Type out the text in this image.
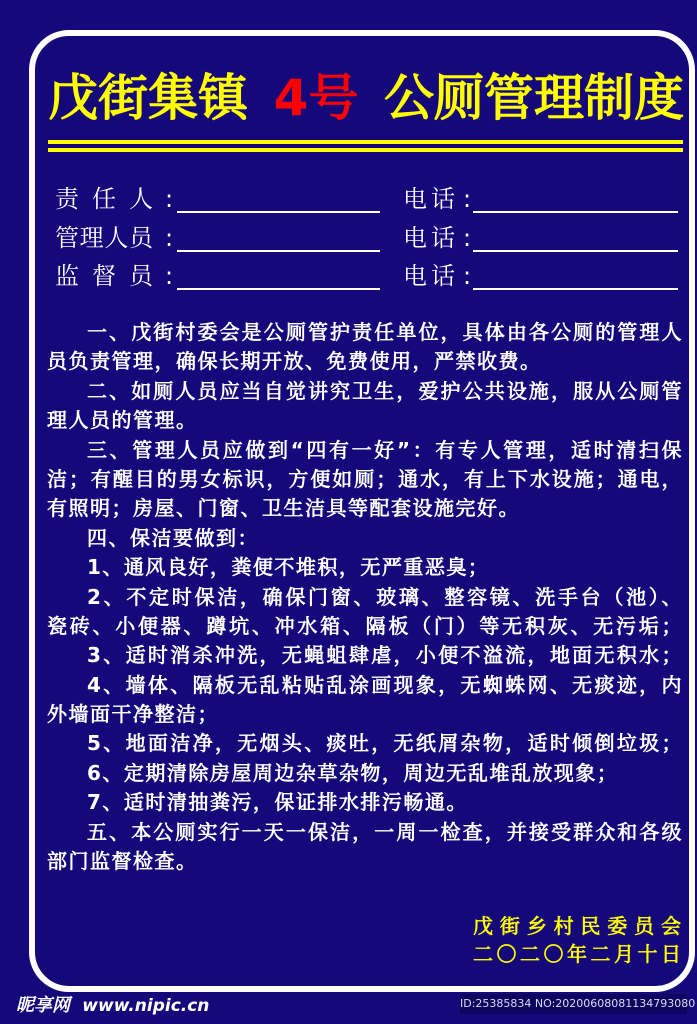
戊街集镇 4号 公厕管理制度
责任人 :	电话 :
管理人员 :	电话 :
监督员 :	电话 :
一、戊街村委会是公厕管护责任单位，具体由各公厕的管理人
员负责管理，确保长期开放、免费使用，严禁收费。
二、如厕人员应当自觉讲究卫生，爱护公共设施，服从公厕管
理人员的管理。
三、管理人员应做到“四有一好”：有专人管理，适时清扫保
洁；有醒目的男女标识，方便如厕；通水，有上下水设施；通电，
有照明；房屋、门窗、卫生洁具等配套设施完好。
四、保洁要做到：
1、通风良好，粪便不堆积，无严重恶臭；
2、不定时保洁，确保门窗、玻璃、整容镜、洗手台（池）、
瓷砖、小便器、蹲坑、冲水箱、隔板（门）等无积灰、无污垢；
3、适时消杀冲洗，无蝇蛆肆虐，小便不溢流，地面无积水；
4、墙体、隔板无乱粘贴乱涂画现象，无蜘蛛网、无痰迹，内
外墙面干净整洁；
5、地面洁净，无烟头、痰吐，无纸屑杂物，适时倾倒垃圾；
6、定期清除房屋周边杂草杂物，周边无乱堆乱放现象；
7、适时清抽粪污，保证排水排污畅通。
五、本公厕实行一天一保洁，一周一检查，并接受群众和各级
部门监督检查。
戊街乡村民委员会
二〇二〇年二月十日
昵享网 www.nipic.cn	ID:25385834 NO:20200608081134793080
